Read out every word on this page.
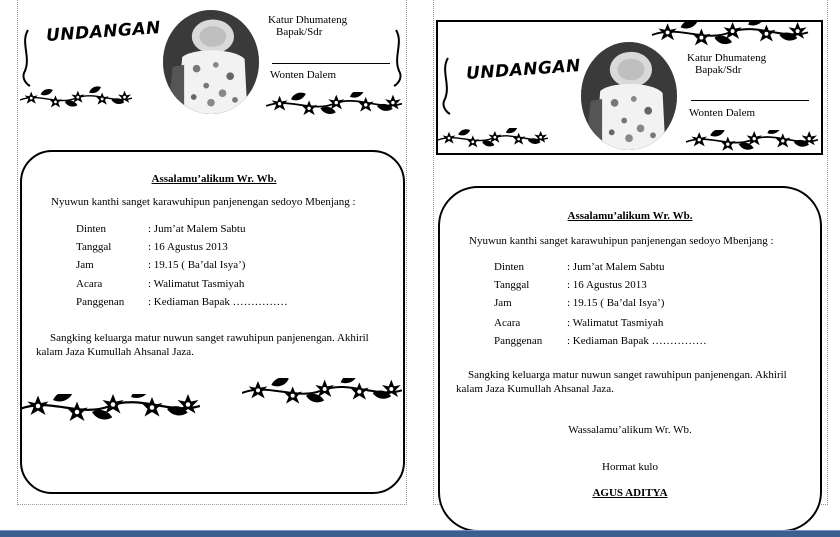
UNDANGAN	Katur Dhumateng
Bapak/Sdr
Wonten Dalem
Assalamu’alikum Wr. Wb.
Nyuwun kanthi sanget karawuhipun panjenengan sedoyo Mbenjang :
Dinten	: Jum’at Malem Sabtu
Tanggal	: 16 Agustus 2013
Jam	: 19.15 ( Ba’dal Isya’)
Acara	: Walimatut Tasmiyah
Panggenan : Kediaman Bapak ……………
Sangking keluarga matur nuwun sanget rawuhipun panjenengan. Akhiril
kalam Jaza Kumullah Ahsanal Jaza.
UNDANGAN	Katur Dhumateng
Bapak/Sdr
Wonten Dalem
Assalamu’alikum Wr. Wb.
Nyuwun kanthi sanget karawuhipun panjenengan sedoyo Mbenjang :
Dinten	: Jum’at Malem Sabtu
Tanggal	: 16 Agustus 2013
Jam	: 19.15 ( Ba’dal Isya’)
Acara	: Walimatut Tasmiyah
Panggenan : Kediaman Bapak ……………
Sangking keluarga matur nuwun sanget rawuhipun panjenengan. Akhiril
kalam Jaza Kumullah Ahsanal Jaza.
Wassalamu’alikum Wr. Wb.
Hormat kulo
AGUS ADITYA
